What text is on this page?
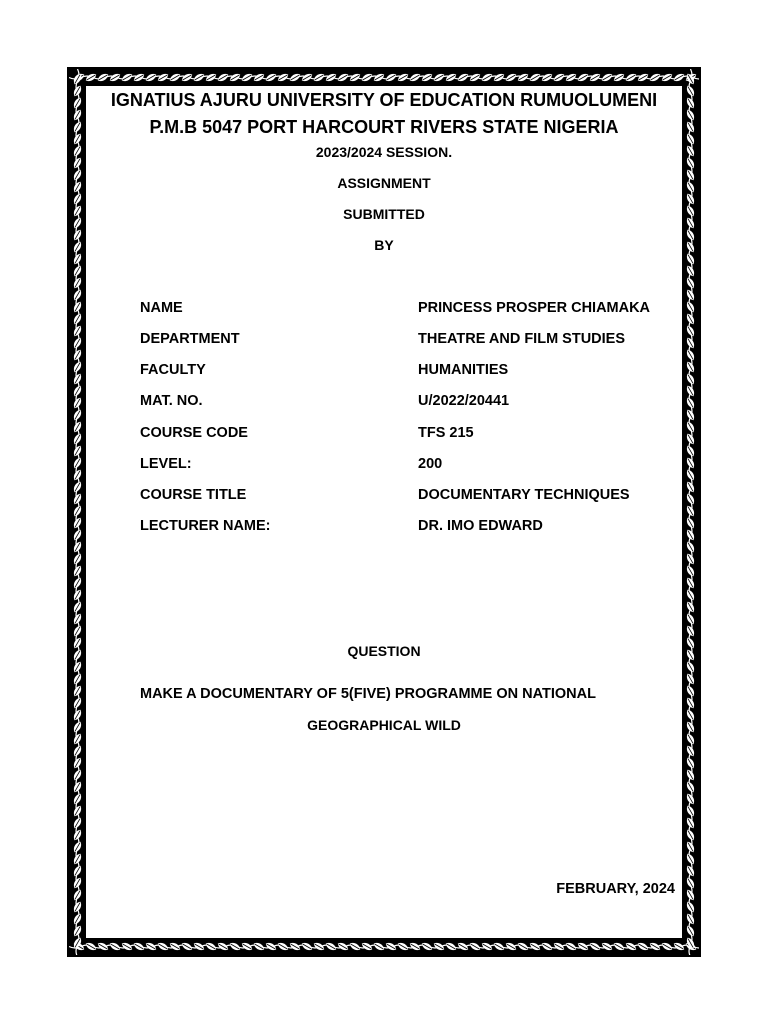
IGNATIUS AJURU UNIVERSITY OF EDUCATION RUMUOLUMENI
P.M.B 5047 PORT HARCOURT RIVERS STATE NIGERIA
2023/2024 SESSION.
ASSIGNMENT
SUBMITTED
BY
NAME	PRINCESS PROSPER CHIAMAKA
DEPARTMENT	THEATRE AND FILM STUDIES
FACULTY	HUMANITIES
MAT. NO.	U/2022/20441
COURSE CODE	TFS 215
LEVEL:	200
COURSE TITLE	DOCUMENTARY TECHNIQUES
LECTURER NAME:	DR. IMO EDWARD
QUESTION
MAKE A DOCUMENTARY OF 5(FIVE) PROGRAMME ON NATIONAL
GEOGRAPHICAL WILD
FEBRUARY, 2024
